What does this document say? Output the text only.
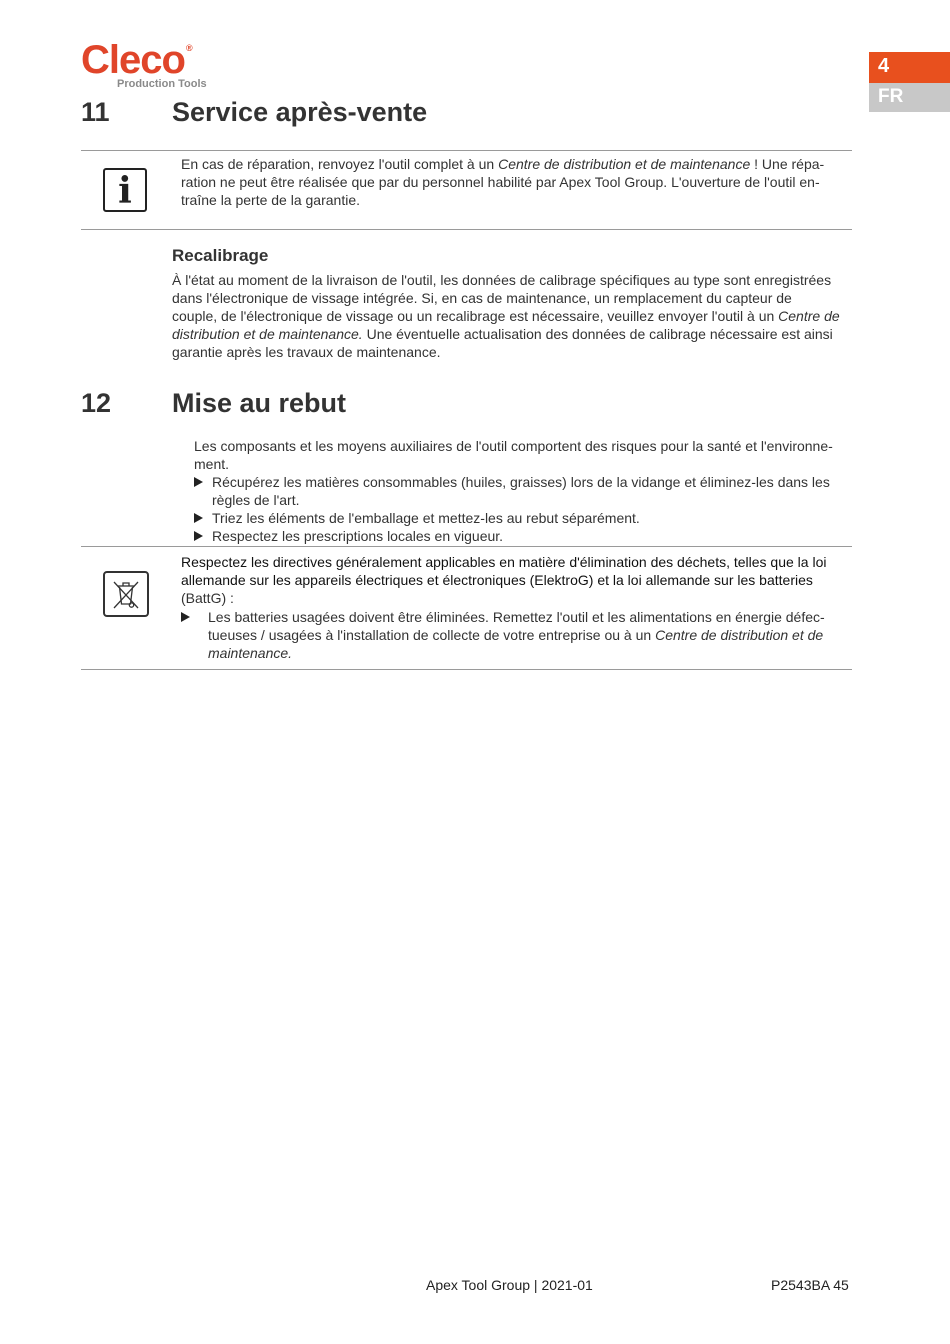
Cleco®
Production Tools
4
FR
11 Service après-vente
i

En cas de réparation, renvoyez l'outil complet à un Centre de distribution et de maintenance ! Une répa-

ration ne peut être réalisée que par du personnel habilité par Apex Tool Group. L'ouverture de l'outil en-

traîne la perte de la garantie.

Recalibrage

À l'état au moment de la livraison de l'outil, les données de calibrage spécifiques au type sont enregistrées

dans l'électronique de vissage intégrée. Si, en cas de maintenance, un remplacement du capteur de

couple, de l'électronique de vissage ou un recalibrage est nécessaire, veuillez envoyer l'outil à un Centre de

distribution et de maintenance. Une éventuelle actualisation des données de calibrage nécessaire est ainsi

garantie après les travaux de maintenance.

12 Mise au rebut

Les composants et les moyens auxiliaires de l'outil comportent des risques pour la santé et l'environne-

ment.

Récupérez les matières consommables (huiles, graisses) lors de la vidange et éliminez-les dans les
règles de l'art.
Triez les éléments de l'emballage et mettez-les au rebut séparément.
Respectez les prescriptions locales en vigueur.

Respectez les directives généralement applicables en matière d'élimination des déchets, telles que la loi

allemande sur les appareils électriques et électroniques (ElektroG) et la loi allemande sur les batteries

(BattG) :

Les batteries usagées doivent être éliminées. Remettez l'outil et les alimentations en énergie défec-
tueuses / usagées à l'installation de collecte de votre entreprise ou à un Centre de distribution et de
maintenance.
Apex Tool Group | 2021-01	P2543BA 45
